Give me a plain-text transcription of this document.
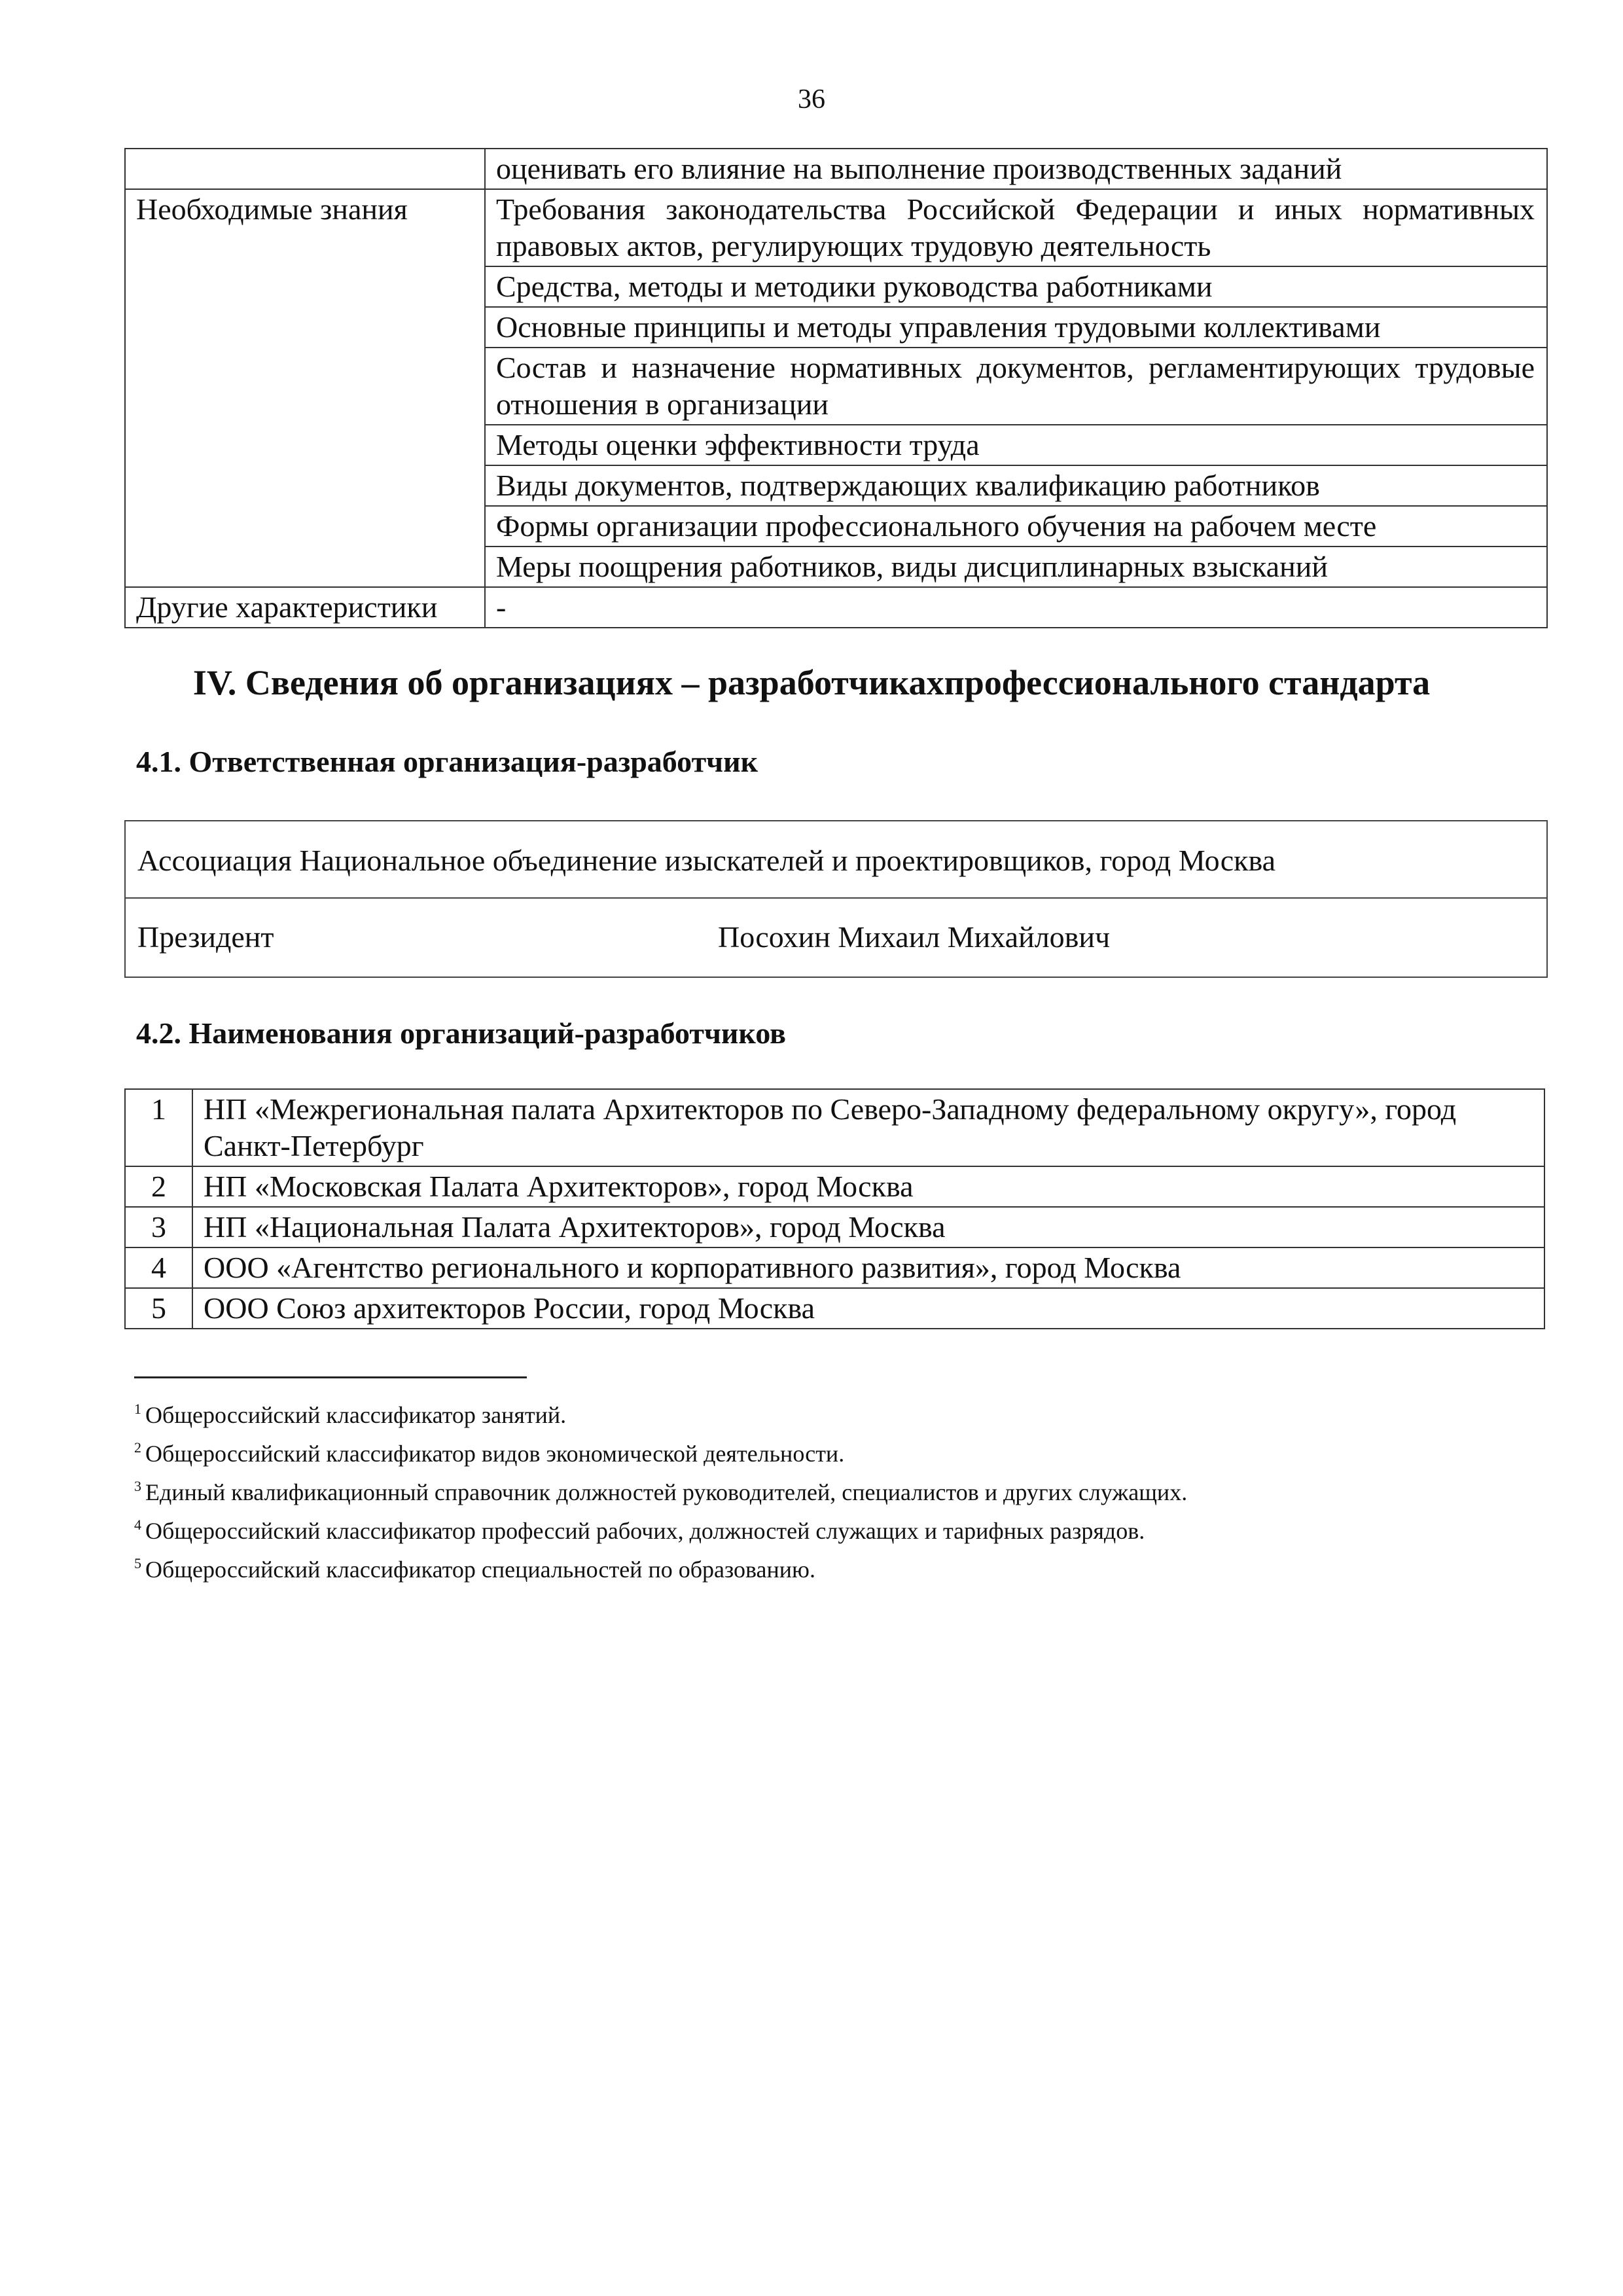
36
	оценивать его влияние на выполнение производственных заданий
Необходимые знания	Требования законодательства Российской Федерации и иных нормативных правовых актов, регулирующих трудовую деятельность
	Средства, методы и методики руководства работниками
	Основные принципы и методы управления трудовыми коллективами
	Состав и назначение нормативных документов, регламентирующих трудовые отношения в организации
	Методы оценки эффективности труда
	Виды документов, подтверждающих квалификацию работников
	Формы организации профессионального обучения на рабочем месте
	Меры поощрения работников, виды дисциплинарных взысканий
Другие характеристики	-
IV. Сведения об организациях – разработчикахпрофессионального стандарта
4.1. Ответственная организация-разработчик
Ассоциация Национальное объединение изыскателей и проектировщиков, город Москва
Президент	Посохин Михаил Михайлович
4.2. Наименования организаций-разработчиков
1	НП «Межрегиональная палата Архитекторов по Северо-Западному федеральному округу», город Санкт-Петербург
2	НП «Московская Палата Архитекторов», город Москва
3	НП «Национальная Палата Архитекторов», город Москва
4	ООО «Агентство регионального и корпоративного развития», город Москва
5	ООО Союз архитекторов России, город Москва
$^1$ Общероссийский классификатор занятий.
$^2$ Общероссийский классификатор видов экономической деятельности.
$^3$ Единый квалификационный справочник должностей руководителей, специалистов и других служащих.
$^4$ Общероссийский классификатор профессий рабочих, должностей служащих и тарифных разрядов.
$^5$ Общероссийский классификатор специальностей по образованию.
